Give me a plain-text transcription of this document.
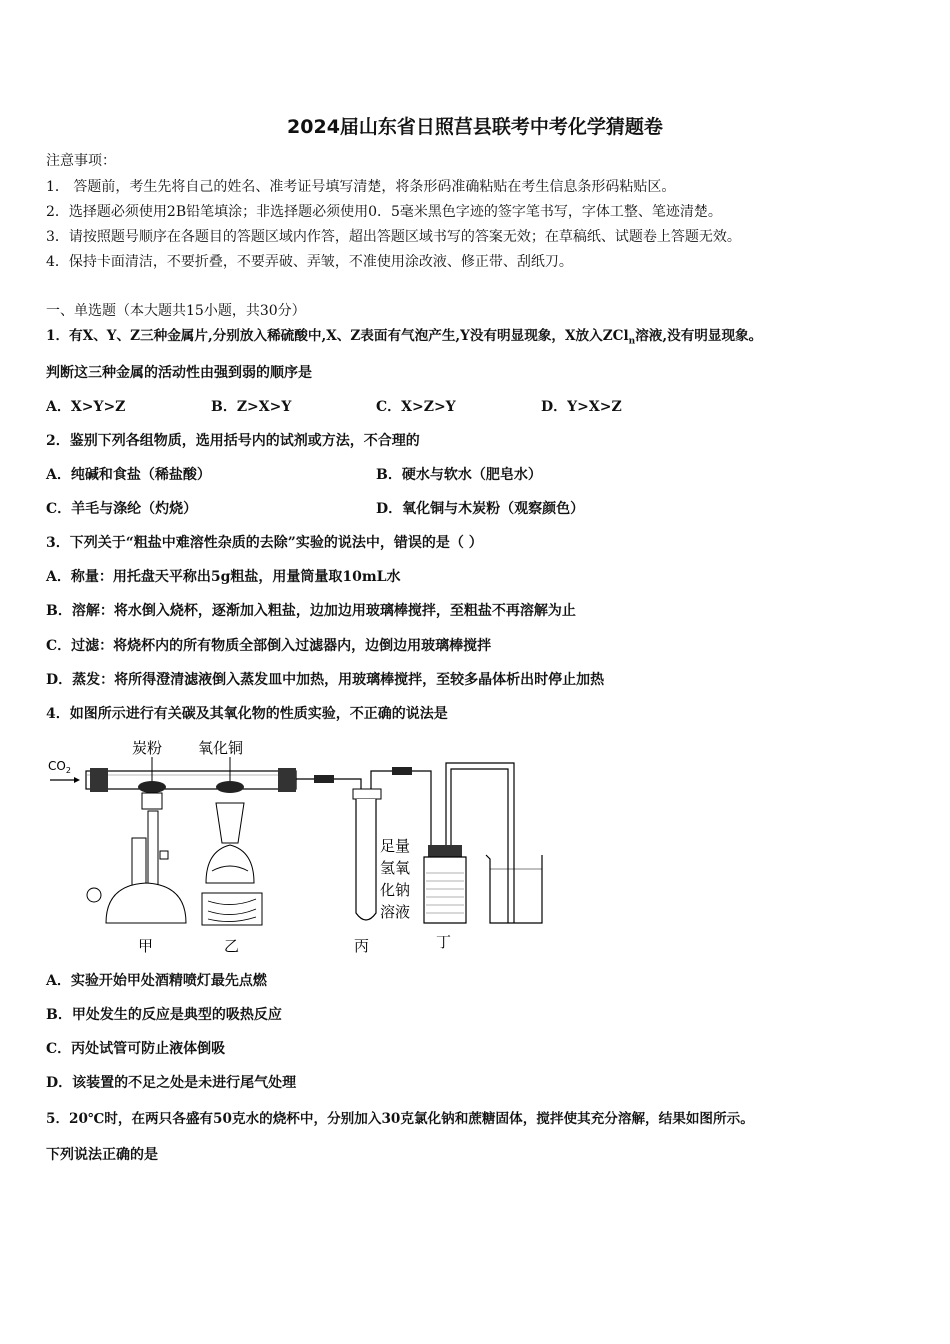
2024届山东省日照莒县联考中考化学猜题卷
注意事项：
1． 答题前，考生先将自己的姓名、准考证号填写清楚，将条形码准确粘贴在考生信息条形码粘贴区。
2．选择题必须使用2B铅笔填涂；非选择题必须使用0．5毫米黑色字迹的签字笔书写，字体工整、笔迹清楚。
3．请按照题号顺序在各题目的答题区域内作答，超出答题区域书写的答案无效；在草稿纸、试题卷上答题无效。
4．保持卡面清洁，不要折叠，不要弄破、弄皱，不准使用涂改液、修正带、刮纸刀。
一、单选题（本大题共15小题，共30分）
1．有X、Y、Z三种金属片,分别放入稀硫酸中,X、Z表面有气泡产生,Y没有明显现象，X放入ZCl$_n$溶液,没有明显现象。
判断这三种金属的活动性由强到弱的顺序是
A．X>Y>Z	B．Z>X>Y	C．X>Z>Y	D．Y>X>Z
2．鉴别下列各组物质，选用括号内的试剂或方法，不合理的
A．纯碱和食盐（稀盐酸）	B．硬水与软水（肥皂水）
C．羊毛与涤纶（灼烧）	D．氧化铜与木炭粉（观察颜色）
3．下列关于“粗盐中难溶性杂质的去除”实验的说法中，错误的是（ ）
A．称量：用托盘天平称出5g粗盐，用量筒量取10mL水
B．溶解：将水倒入烧杯，逐渐加入粗盐，边加边用玻璃棒搅拌，至粗盐不再溶解为止
C．过滤：将烧杯内的所有物质全部倒入过滤器内，边倒边用玻璃棒搅拌
D．蒸发：将所得澄清滤液倒入蒸发皿中加热，用玻璃棒搅拌，至较多晶体析出时停止加热
4．如图所示进行有关碳及其氧化物的性质实验，不正确的说法是
炭粉 氧化铜
$CO_2$
甲	乙	丙
足量
氢氧
化钠
溶液
丁
A．实验开始甲处酒精喷灯最先点燃
B．甲处发生的反应是典型的吸热反应
C．丙处试管可防止液体倒吸
D．该装置的不足之处是未进行尾气处理
5．20℃时，在两只各盛有50克水的烧杯中，分别加入30克氯化钠和蔗糖固体，搅拌使其充分溶解，结果如图所示。
下列说法正确的是
